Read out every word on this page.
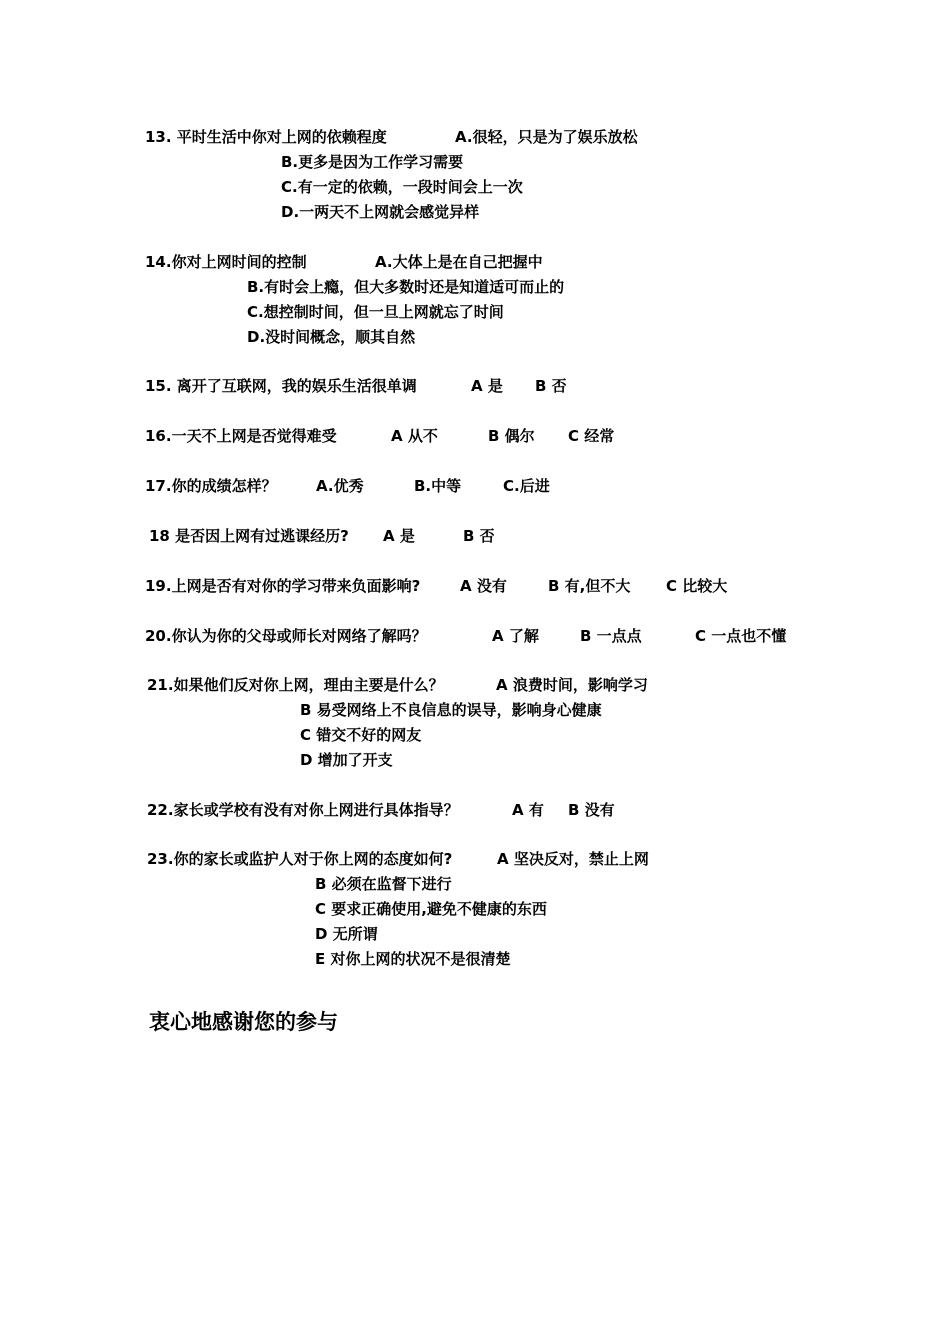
13. 平时生活中你对上网的依赖程度	A.很轻，只是为了娱乐放松
B.更多是因为工作学习需要
C.有一定的依赖，一段时间会上一次
D.一两天不上网就会感觉异样
14.你对上网时间的控制	A.大体上是在自己把握中
B.有时会上瘾，但大多数时还是知道适可而止的
C.想控制时间，但一旦上网就忘了时间
D.没时间概念，顺其自然
15. 离开了互联网，我的娱乐生活很单调	A 是 B 否
16.一天不上网是否觉得难受	A 从不	B 偶尔 C 经常
17.你的成绩怎样？	A.优秀	B.中等	C.后进
18 是否因上网有过逃课经历? A 是	B 否
19.上网是否有对你的学习带来负面影响?	A 没有	B 有,但不大 C 比较大
20.你认为你的父母或师长对网络了解吗？	A 了解	B 一点点	C 一点也不懂
21.如果他们反对你上网，理由主要是什么？	A 浪费时间，影响学习
B 易受网络上不良信息的误导，影响身心健康
C 错交不好的网友
D 增加了开支
22.家长或学校有没有对你上网进行具体指导？	A 有 B 没有
23.你的家长或监护人对于你上网的态度如何?	A 坚决反对，禁止上网
B 必须在监督下进行
C 要求正确使用,避免不健康的东西
D 无所谓
E 对你上网的状况不是很清楚
衷心地感谢您的参与
